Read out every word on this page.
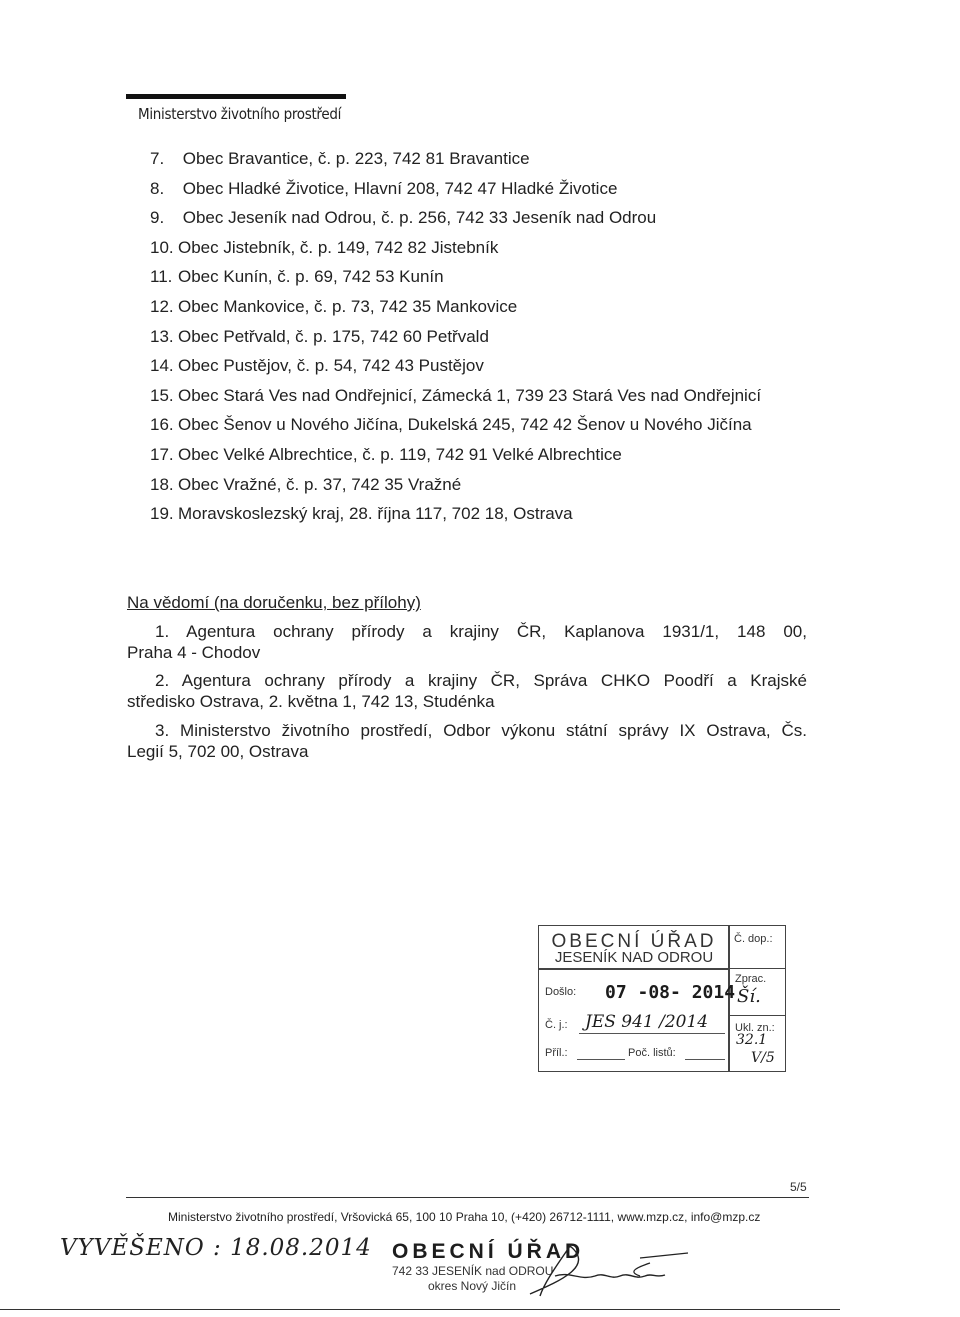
Ministerstvo životního prostředí
7. Obec Bravantice, č. p. 223, 742 81 Bravantice
8. Obec Hladké Životice, Hlavní 208, 742 47 Hladké Životice
9. Obec Jeseník nad Odrou, č. p. 256, 742 33 Jeseník nad Odrou
10. Obec Jistebník, č. p. 149, 742 82 Jistebník
11. Obec Kunín, č. p. 69, 742 53 Kunín
12. Obec Mankovice, č. p. 73, 742 35 Mankovice
13. Obec Petřvald, č. p. 175, 742 60 Petřvald
14. Obec Pustějov, č. p. 54, 742 43 Pustějov
15. Obec Stará Ves nad Ondřejnicí, Zámecká 1, 739 23 Stará Ves nad Ondřejnicí
16. Obec Šenov u Nového Jičína, Dukelská 245, 742 42 Šenov u Nového Jičína
17. Obec Velké Albrechtice, č. p. 119, 742 91 Velké Albrechtice
18. Obec Vražné, č. p. 37, 742 35 Vražné
19. Moravskoslezský kraj, 28. října 117, 702 18, Ostrava
Na vědomí (na doručenku, bez přílohy)
1. Agentura ochrany přírody a krajiny ČR, Kaplanova 1931/1, 148 00,
Praha 4 - Chodov
2. Agentura ochrany přírody a krajiny ČR, Správa CHKO Poodří a Krajské
středisko Ostrava, 2. května 1, 742 13, Studénka
3. Ministerstvo životního prostředí, Odbor výkonu státní správy IX Ostrava, Čs.
Legií 5, 702 00, Ostrava
OBECNÍ ÚŘAD
JESENÍK NAD ODROU
Došlo: 07 -08- 2014
Č. j.: JES 941 /2014
Příl.:	Poč. listů:
Č. dop.:
Zprac.
Ší.
Ukl. zn.:
32.1
V/5
5/5
Ministerstvo životního prostředí, Vršovická 65, 100 10 Praha 10, (+420) 26712-1111, www.mzp.cz, info@mzp.cz
VYVĚŠENO : 18.08.2014 OBECNÍ ÚŘAD
742 33 JESENÍK nad ODROU
okres Nový Jičín
